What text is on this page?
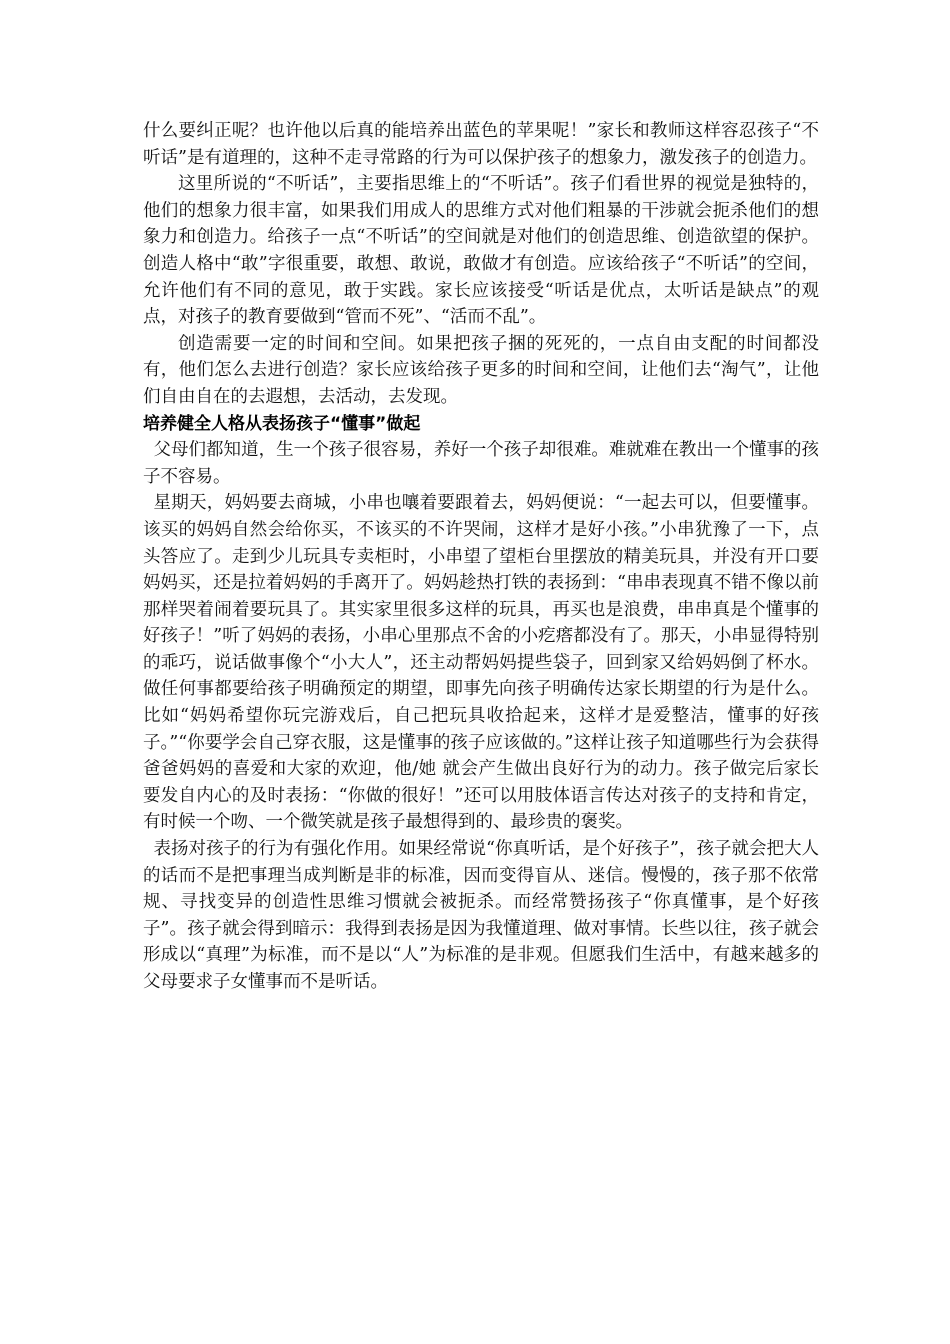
什么要纠正呢？也许他以后真的能培养出蓝色的苹果呢！”家长和教师这样容忍孩子“不听话”是有道理的，这种不走寻常路的行为可以保护孩子的想象力，激发孩子的创造力。

这里所说的“不听话”，主要指思维上的“不听话”。孩子们看世界的视觉是独特的，他们的想象力很丰富，如果我们用成人的思维方式对他们粗暴的干涉就会扼杀他们的想象力和创造力。给孩子一点“不听话”的空间就是对他们的创造思维、创造欲望的保护。创造人格中“敢”字很重要，敢想、敢说，敢做才有创造。应该给孩子“不听话”的空间，允许他们有不同的意见，敢于实践。家长应该接受“听话是优点，太听话是缺点”的观点，对孩子的教育要做到“管而不死”、“活而不乱”。

创造需要一定的时间和空间。如果把孩子捆的死死的，一点自由支配的时间都没有，他们怎么去进行创造？家长应该给孩子更多的时间和空间，让他们去“淘气”，让他们自由自在的去遐想，去活动，去发现。

培养健全人格从表扬孩子“懂事”做起

父母们都知道，生一个孩子很容易，养好一个孩子却很难。难就难在教出一个懂事的孩子不容易。

星期天，妈妈要去商城，小串也嚷着要跟着去，妈妈便说：“一起去可以，但要懂事。该买的妈妈自然会给你买，不该买的不许哭闹，这样才是好小孩。”小串犹豫了一下，点头答应了。走到少儿玩具专卖柜时，小串望了望柜台里摆放的精美玩具，并没有开口要妈妈买，还是拉着妈妈的手离开了。妈妈趁热打铁的表扬到：“串串表现真不错不像以前那样哭着闹着要玩具了。其实家里很多这样的玩具，再买也是浪费，串串真是个懂事的好孩子！”听了妈妈的表扬，小串心里那点不舍的小疙瘩都没有了。那天，小串显得特别的乖巧，说话做事像个“小大人”，还主动帮妈妈提些袋子，回到家又给妈妈倒了杯水。做任何事都要给孩子明确预定的期望，即事先向孩子明确传达家长期望的行为是什么。比如“妈妈希望你玩完游戏后，自己把玩具收拾起来，这样才是爱整洁，懂事的好孩子。”“你要学会自己穿衣服，这是懂事的孩子应该做的。”这样让孩子知道哪些行为会获得爸爸妈妈的喜爱和大家的欢迎，他/她 就会产生做出良好行为的动力。孩子做完后家长要发自内心的及时表扬：“你做的很好！”还可以用肢体语言传达对孩子的支持和肯定，有时候一个吻、一个微笑就是孩子最想得到的、最珍贵的褒奖。

表扬对孩子的行为有强化作用。如果经常说“你真听话，是个好孩子”，孩子就会把大人的话而不是把事理当成判断是非的标准，因而变得盲从、迷信。慢慢的，孩子那不依常规、寻找变异的创造性思维习惯就会被扼杀。而经常赞扬孩子“你真懂事，是个好孩子”。孩子就会得到暗示：我得到表扬是因为我懂道理、做对事情。长些以往，孩子就会形成以“真理”为标准，而不是以“人”为标准的是非观。但愿我们生活中，有越来越多的父母要求子女懂事而不是听话。
